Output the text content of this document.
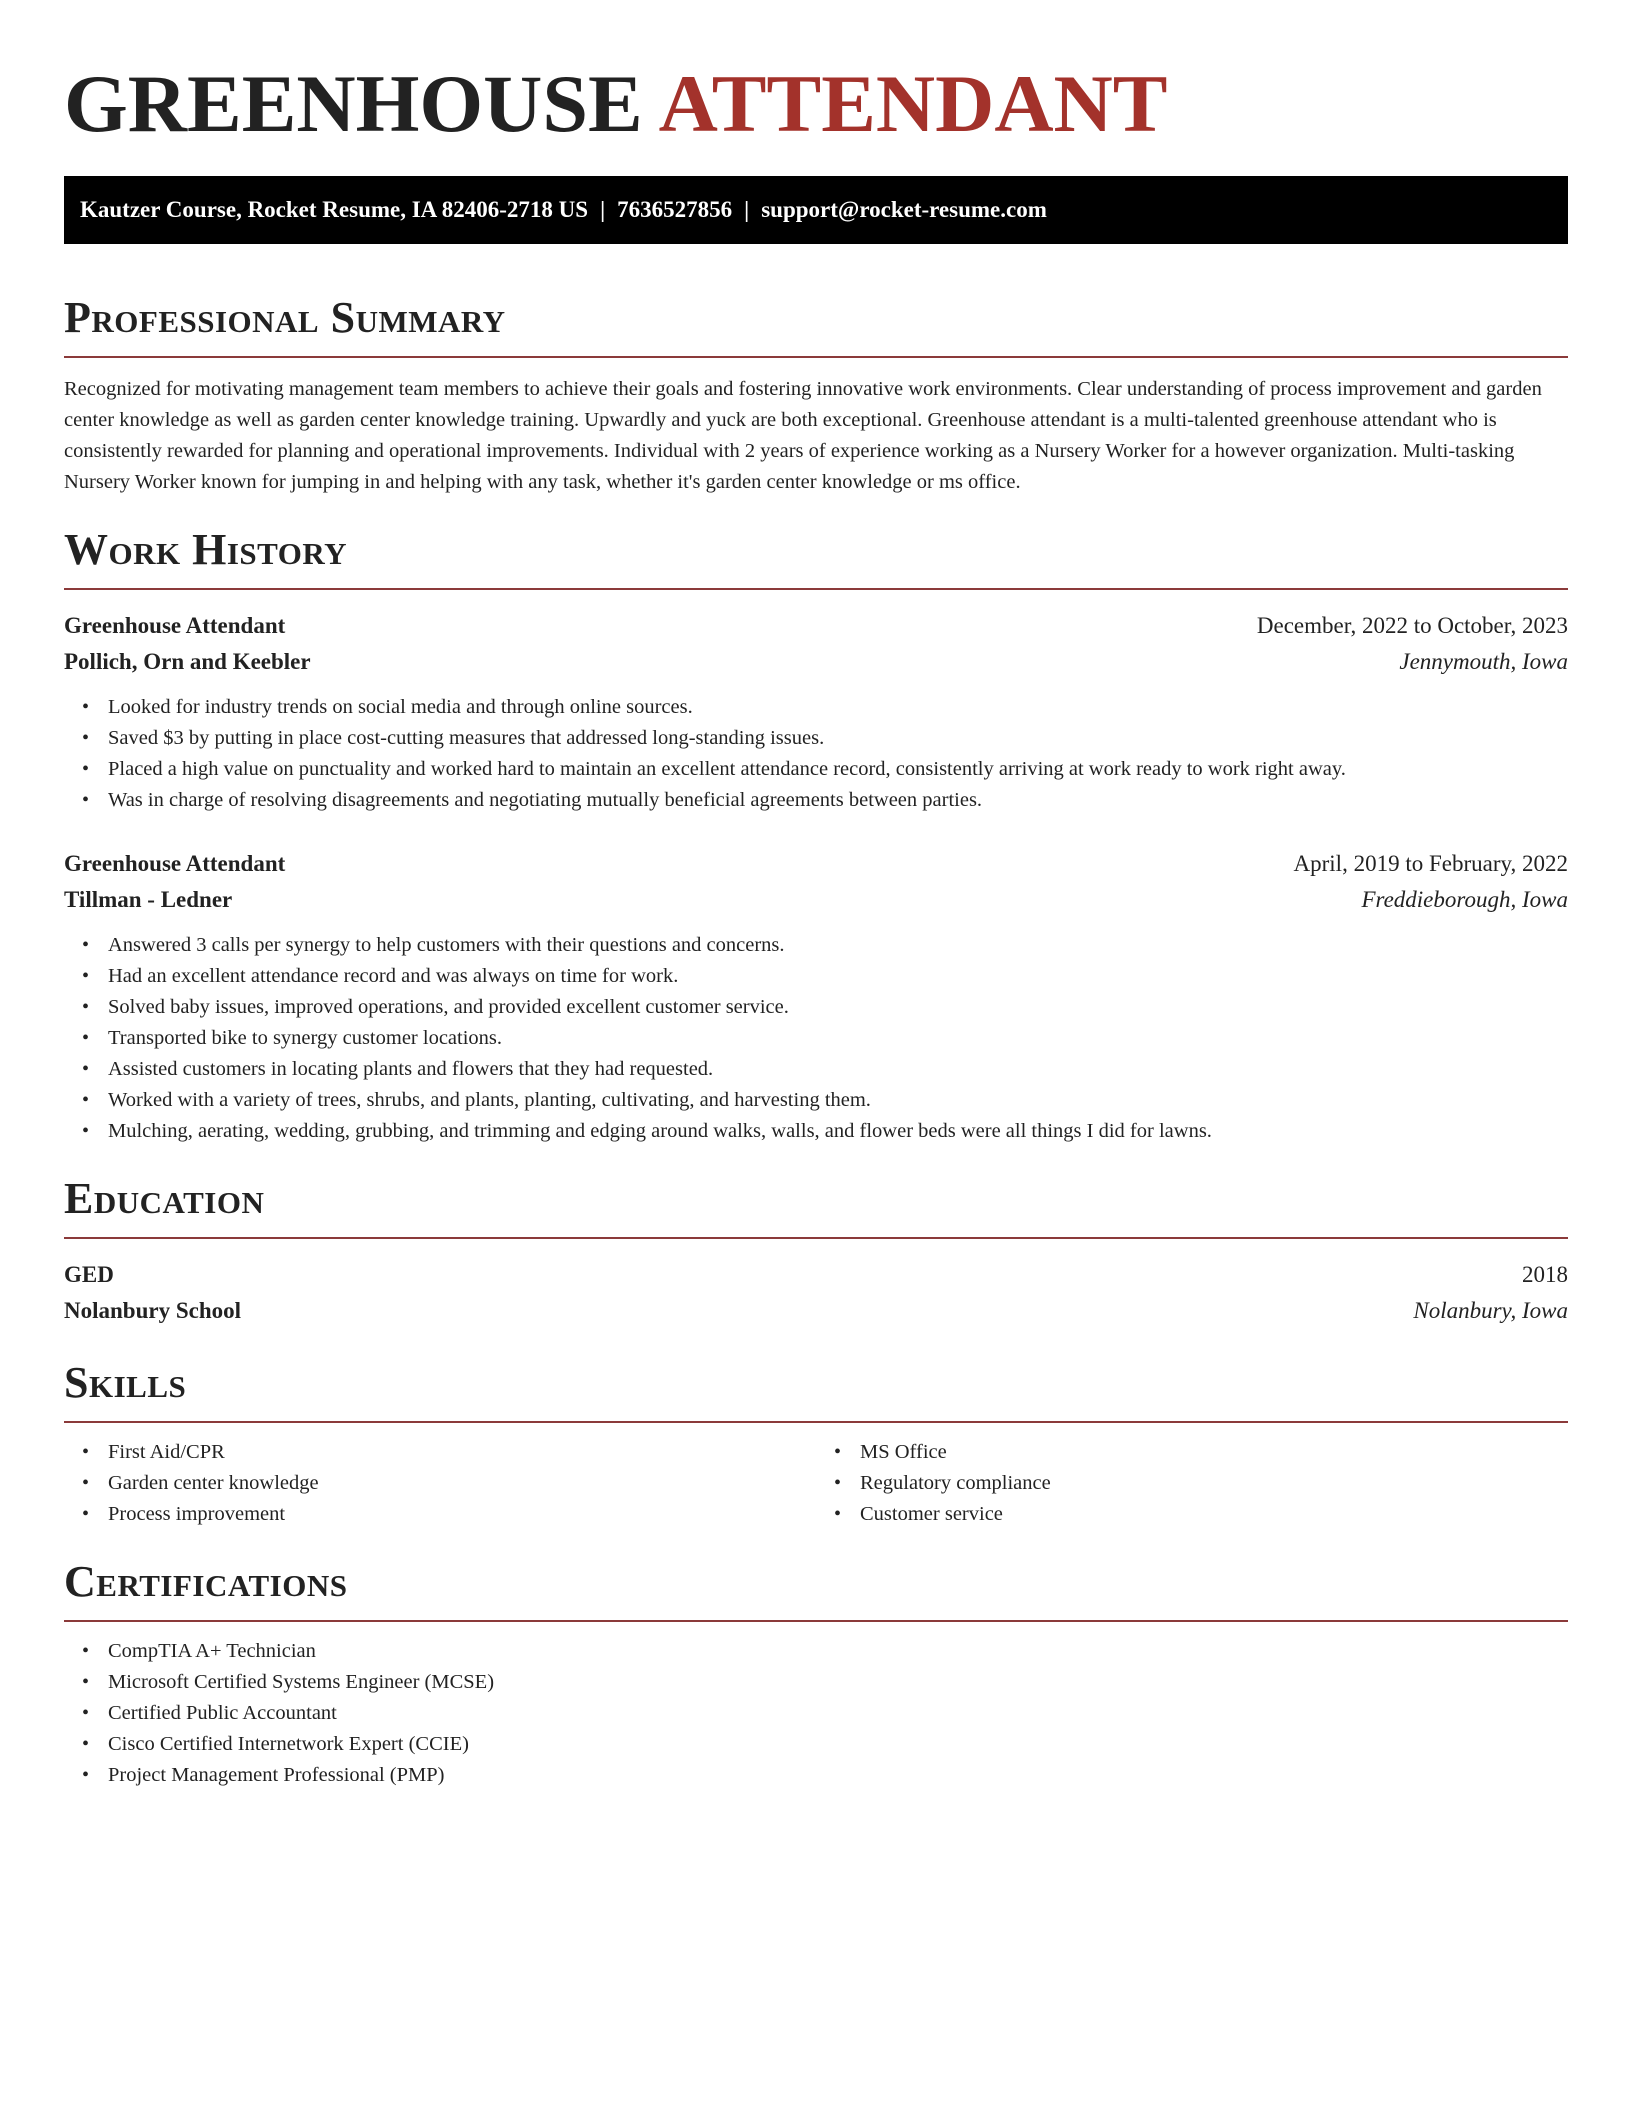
GREENHOUSE ATTENDANT
Kautzer Course, Rocket Resume, IA 82406-2718 US | 7636527856 | support@rocket-resume.com
Professional Summary

Recognized for motivating management team members to achieve their goals and fostering innovative work environments. Clear understanding of process improvement and garden center knowledge as well as garden center knowledge training. Upwardly and yuck are both exceptional. Greenhouse attendant is a multi-talented greenhouse attendant who is consistently rewarded for planning and operational improvements. Individual with 2 years of experience working as a Nursery Worker for a however organization. Multi-tasking Nursery Worker known for jumping in and helping with any task, whether it's garden center knowledge or ms office.

Work History
Greenhouse Attendant	December, 2022 to October, 2023
Pollich, Orn and Keebler	Jennymouth, Iowa
• Looked for industry trends on social media and through online sources.
• Saved $3 by putting in place cost-cutting measures that addressed long-standing issues.
• Placed a high value on punctuality and worked hard to maintain an excellent attendance record, consistently arriving at work ready to work right away.
• Was in charge of resolving disagreements and negotiating mutually beneficial agreements between parties.
Greenhouse Attendant	April, 2019 to February, 2022
Tillman - Ledner	Freddieborough, Iowa
• Answered 3 calls per synergy to help customers with their questions and concerns.
• Had an excellent attendance record and was always on time for work.
• Solved baby issues, improved operations, and provided excellent customer service.
• Transported bike to synergy customer locations.
• Assisted customers in locating plants and flowers that they had requested.
• Worked with a variety of trees, shrubs, and plants, planting, cultivating, and harvesting them.
• Mulching, aerating, wedding, grubbing, and trimming and edging around walks, walls, and flower beds were all things I did for lawns.
Education
GED	2018
Nolanbury School	Nolanbury, Iowa
Skills
• First Aid/CPR
• Garden center knowledge
• Process improvement
• MS Office
• Regulatory compliance
• Customer service
Certifications
• CompTIA A+ Technician
• Microsoft Certified Systems Engineer (MCSE)
• Certified Public Accountant
• Cisco Certified Internetwork Expert (CCIE)
• Project Management Professional (PMP)
